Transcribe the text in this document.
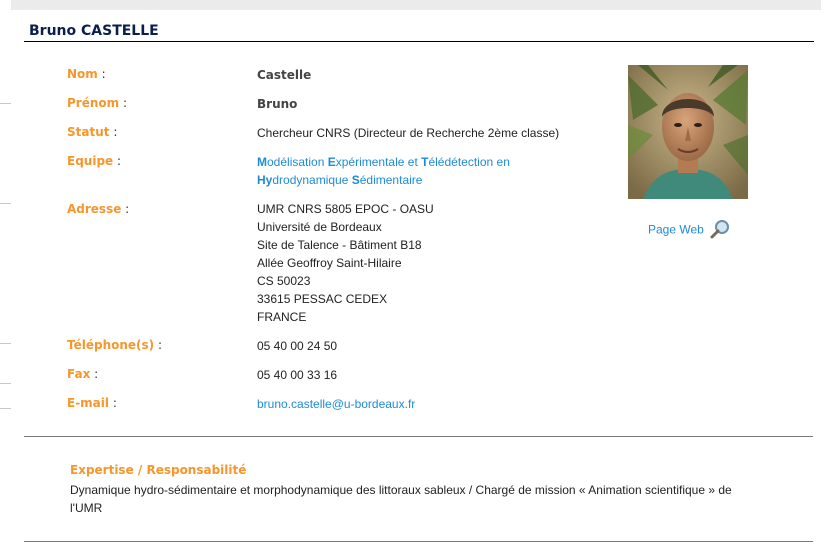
Bruno CASTELLE
Nom :	Castelle
Prénom :	Bruno
Statut :	Chercheur CNRS (Directeur de Recherche 2ème classe)
Equipe :	Modélisation Expérimentale et Télédétection en
Hydrodynamique Sédimentaire
Adresse :	UMR CNRS 5805 EPOC - OASU
Université de Bordeaux
Site de Talence - Bâtiment B18
Allée Geoffroy Saint-Hilaire
CS 50023
33615 PESSAC CEDEX
FRANCE
Téléphone(s) :	05 40 00 24 50
Fax :	05 40 00 33 16
E-mail :	bruno.castelle@u-bordeaux.fr
Page Web
Expertise / Responsabilité
Dynamique hydro-sédimentaire et morphodynamique des littoraux sableux / Chargé de mission « Animation scientifique » de l'UMR
